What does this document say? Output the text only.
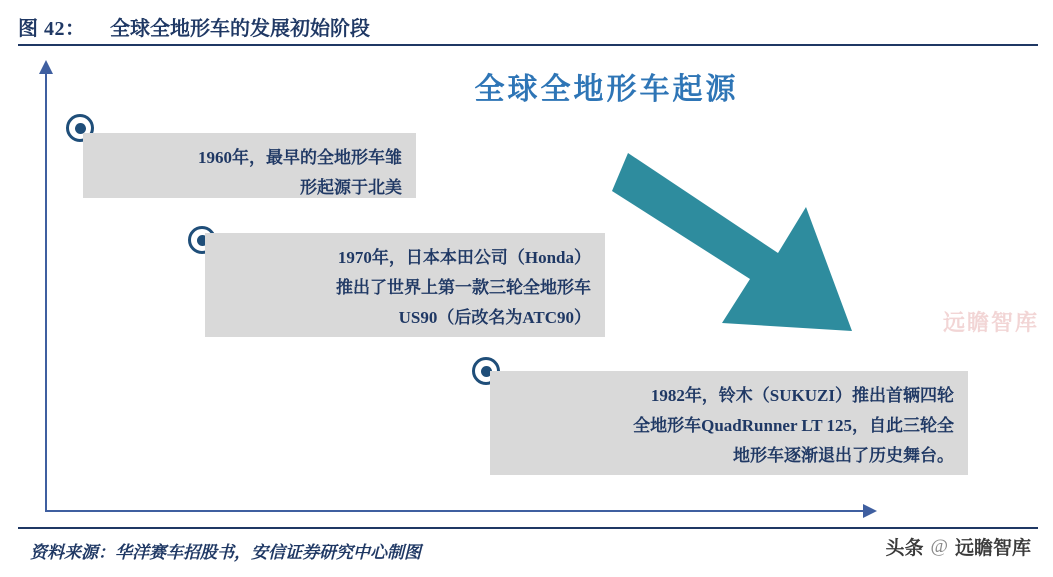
图 42： 全球全地形车的发展初始阶段
全球全地形车起源
1960年，最早的全地形车雏
形起源于北美
1970年，日本本田公司（Honda）
推出了世界上第一款三轮全地形车
US90（后改名为ATC90）
1982年，铃木（SUKUZI）推出首辆四轮
全地形车QuadRunner LT 125，自此三轮全
地形车逐渐退出了历史舞台。
远瞻智库
资料来源：华洋赛车招股书，安信证券研究中心制图	头条 @ 远瞻智库
